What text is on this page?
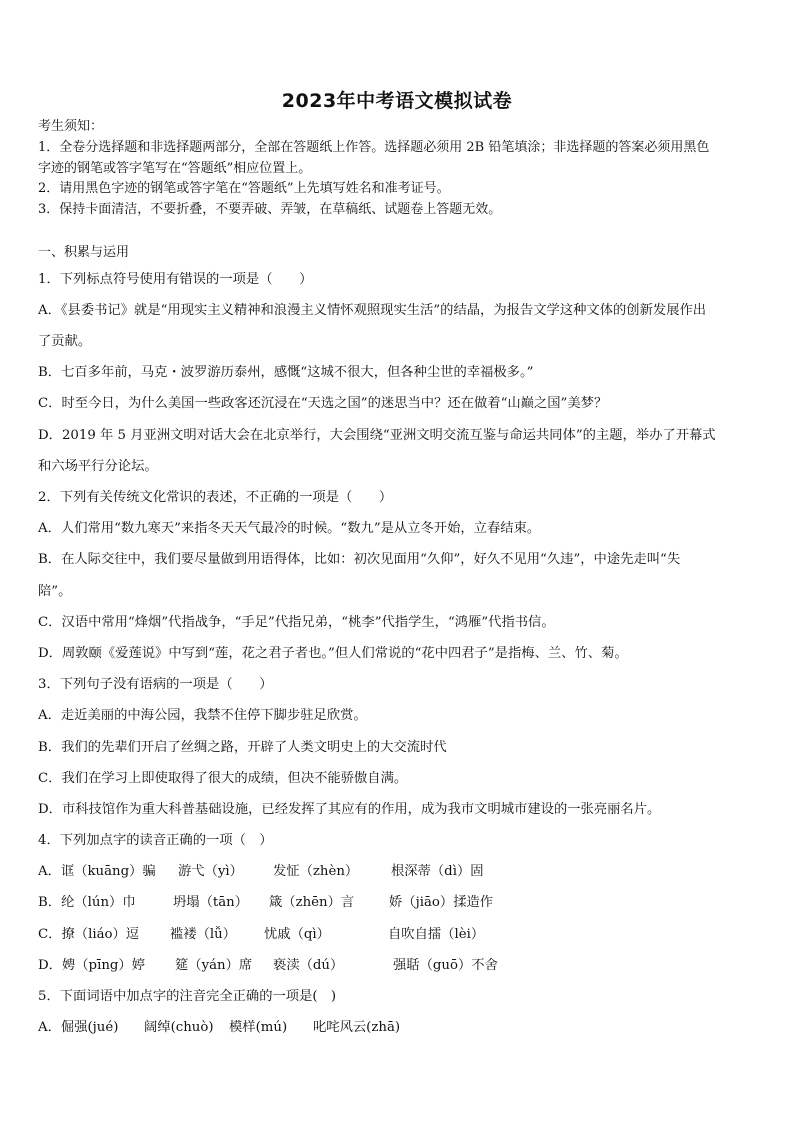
2023年中考语文模拟试卷
考生须知：
1．全卷分选择题和非选择题两部分，全部在答题纸上作答。选择题必须用 2B 铅笔填涂；非选择题的答案必须用黑色
字迹的钢笔或答字笔写在“答题纸”相应位置上。
2．请用黑色字迹的钢笔或答字笔在“答题纸”上先填写姓名和准考证号。
3．保持卡面清洁，不要折叠，不要弄破、弄皱，在草稿纸、试题卷上答题无效。
一、积累与运用
1．下列标点符号使用有错误的一项是（　　）
A．《县委书记》就是“用现实主义精神和浪漫主义情怀观照现实生活”的结晶，为报告文学这种文体的创新发展作出
了贡献。
B．七百多年前，马克・波罗游历泰州，感慨“这城不很大，但各种尘世的幸福极多。”
C．时至今日，为什么美国一些政客还沉浸在“天选之国”的迷思当中？还在做着“山巅之国”美梦？
D．2019 年 5 月亚洲文明对话大会在北京举行，大会围绕“亚洲文明交流互鉴与命运共同体”的主题，举办了开幕式
和六场平行分论坛。
2．下列有关传统文化常识的表述，不正确的一项是（　　）
A．人们常用“数九寒天”来指冬天天气最冷的时候。“数九”是从立冬开始，立春结束。
B．在人际交往中，我们要尽量做到用语得体，比如：初次见面用“久仰”，好久不见用“久违”，中途先走叫“失
陪”。
C．汉语中常用“烽烟”代指战争，“手足”代指兄弟，“桃李”代指学生，“鸿雁”代指书信。
D．周敦颐《爱莲说》中写到“莲，花之君子者也。”但人们常说的“花中四君子”是指梅、兰、竹、菊。
3．下列句子没有语病的一项是（　　）
A．走近美丽的中海公园，我禁不住停下脚步驻足欣赏。
B．我们的先辈们开启了丝绸之路，开辟了人类文明史上的大交流时代
C．我们在学习上即使取得了很大的成绩，但决不能骄傲自满。
D．市科技馆作为重大科普基础设施，已经发挥了其应有的作用，成为我市文明城市建设的一张亮丽名片。
4．下列加点字的读音正确的一项（　）
A．诓（kuāng）骗 游弋（yì） 发怔（zhèn） 根深蒂（dì）固
B．纶（lún）巾	坍塌（tān） 箴（zhēn）言	娇（jiāo）揉造作
C．撩（liáo）逗 褴褛（lǚ） 忧戚（qì）	自吹自擂（lèi）
D．娉（pīng）婷 筵（yán）席 亵渎（dú）	强聒（guō）不舍
5．下面词语中加点字的注音完全正确的一项是(　)
A．倔强(jué) 阔绰(chuò) 模样(mú) 叱咤风云(zhā)
